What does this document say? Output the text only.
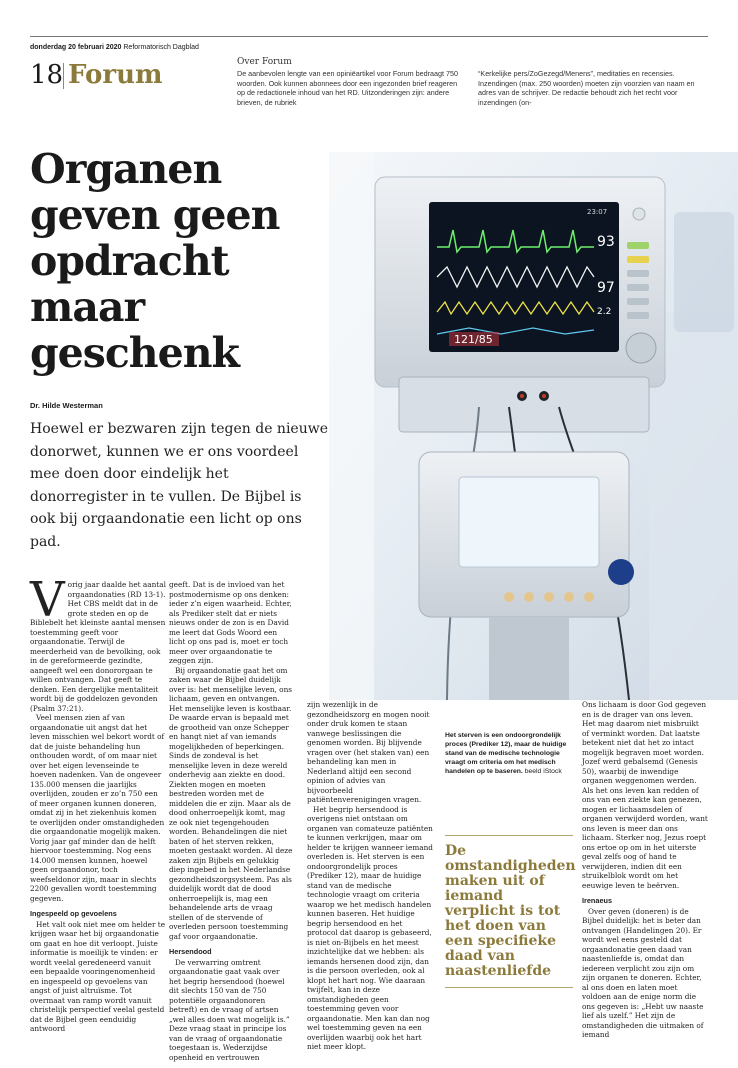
donderdag 20 februari 2020 Reformatorisch Dagblad
18 Forum	Over Forum
De aanbevolen lengte van een opiniëartikel voor Forum bedraagt 750 woorden. Ook kunnen abonnees door een ingezonden brief reageren op de redactionele inhoud van het RD. Uitzonderingen zijn: andere brieven, de rubriek
“Kerkelijke pers/ZoGezegd/Menens”, meditaties en recensies. Inzendingen (max. 250 woorden) moeten zijn voorzien van naam en adres van de schrijver. De redactie behoudt zich het recht voor inzendingen (on-
Organen geven geen opdracht maar geschenk
Dr. Hilde Westerman
Hoewel er bezwaren zijn tegen de nieuwe donorwet, kunnen we er ons voordeel mee doen door eindelijk het donorregister in te vullen. De Bijbel is ook bij orgaandonatie een licht op ons pad.
121/85
23:07
93
97
2.2

Vorig jaar daalde het aantal orgaandonaties (RD 13-1). Het CBS meldt dat in de grote steden en op de Biblebelt het kleinste aantal mensen toestemming geeft voor orgaandonatie. Terwijl de meerderheid van de bevolking, ook in de gereformeerde gezindte, aangeeft wel een donororgaan te willen ontvangen. Dat geeft te denken. Een dergelijke mentaliteit wordt bij de goddelozen gevonden (Psalm 37:21).

Veel mensen zien af van orgaandonatie uit angst dat het leven misschien wel bekort wordt of dat de juiste behandeling hun onthouden wordt, of om maar niet over het eigen levenseinde te hoeven nadenken. Van de ongeveer 135.000 mensen die jaarlijks overlijden, zouden er zo’n 750 een of meer organen kunnen doneren, omdat zij in het ziekenhuis komen te overlijden onder omstandigheden die orgaandonatie mogelijk maken. Vorig jaar gaf minder dan de helft hiervoor toestemming. Nog eens 14.000 mensen kunnen, hoewel geen orgaandonor, toch weefseldonor zijn, maar in slechts 2200 gevallen wordt toestemming gegeven.

Ingespeeld op gevoelens

Het valt ook niet mee om helder te krijgen waar het bij orgaandonatie om gaat en hoe dit verloopt. Juiste informatie is moeilijk te vinden: er wordt veelal geredeneerd vanuit een bepaalde vooringenomenheid en ingespeeld op gevoelens van angst of juist altruïsme. Tot overmaat van ramp wordt vanuit christelijk perspectief veelal gesteld dat de Bijbel geen eenduidig antwoord

geeft. Dat is de invloed van het postmodernisme op ons denken: ieder z’n eigen waarheid. Echter, als Prediker stelt dat er niets nieuws onder de zon is en David me leert dat Gods Woord een licht op ons pad is, moet er toch meer over orgaandonatie te zeggen zijn.

Bij orgaandonatie gaat het om zaken waar de Bijbel duidelijk over is: het menselijke leven, ons lichaam, geven en ontvangen. Het menselijke leven is kostbaar. De waarde ervan is bepaald met de grootheid van onze Schepper en hangt niet af van iemands mogelijkheden of beperkingen. Sinds de zondeval is het menselijke leven in deze wereld onderhevig aan ziekte en dood. Ziekten mogen en moeten bestreden worden met de middelen die er zijn. Maar als de dood onherroepelijk komt, mag ze ook niet tegengehouden worden. Behandelingen die niet baten of het sterven rekken, moeten gestaakt worden. Al deze zaken zijn Bijbels en gelukkig diep ingebed in het Nederlandse gezondheidszorgsysteem. Pas als duidelijk wordt dat de dood onherroepelijk is, mag een behandelende arts de vraag stellen of de stervende of overleden persoon toestemming gaf voor orgaandonatie.

Hersendood

De verwarring omtrent orgaandonatie gaat vaak over het begrip hersendood (hoewel dit slechts 150 van de 750 potentiële orgaandonoren betreft) en de vraag of artsen „wel alles doen wat mogelijk is.” Deze vraag staat in principe los van de vraag of orgaandonatie toegestaan is. Wederzijdse openheid en vertrouwen

zijn wezenlijk in de gezondheidszorg en mogen nooit onder druk komen te staan vanwege beslissingen die genomen worden. Bij blijvende vragen over (het staken van) een behandeling kan men in Nederland altijd een second opinion of advies van bijvoorbeeld patiëntenverenigingen vragen.

Het begrip hersendood is overigens niet ontstaan om organen van comateuze patiënten te kunnen verkrijgen, maar om helder te krijgen wanneer iemand overleden is. Het sterven is een ondoorgrondelijk proces (Prediker 12), maar de huidige stand van de medische technologie vraagt om criteria waarop we het medisch handelen kunnen baseren. Het huidige begrip hersendood en het protocol dat daarop is gebaseerd, is niet on-Bijbels en het meest inzichtelijke dat we hebben: als iemands hersenen dood zijn, dan is die persoon overleden, ook al klopt het hart nog. Wie daaraan twijfelt, kan in deze omstandigheden geen toestemming geven voor orgaandonatie. Men kan dan nog wel toestemming geven na een overlijden waarbij ook het hart niet meer klopt.

Het sterven is een ondoorgrondelijk proces (Prediker 12), maar de huidige stand van de medische technologie vraagt om criteria om het medisch handelen op te baseren. beeld iStock
De omstandigheden maken uit of iemand verplicht is tot het doen van een specifieke daad van naastenliefde

Ons lichaam is door God gegeven en is de drager van ons leven. Het mag daarom niet misbruikt of verminkt worden. Dat laatste betekent niet dat het zo intact mogelijk begraven moet worden. Jozef werd gebalsemd (Genesis 50), waarbij de inwendige organen weggenomen werden. Als het ons leven kan redden of ons van een ziekte kan genezen, mogen er lichaamsdelen of organen verwijderd worden, want ons leven is meer dan ons lichaam. Sterker nog, Jezus roept ons ertoe op om in het uiterste geval zelfs oog of hand te verwijderen, indien dit een struikelblok wordt om het eeuwige leven te beërven.

Irenaeus

Over geven (doneren) is de Bijbel duidelijk: het is beter dan ontvangen (Handelingen 20). Er wordt wel eens gesteld dat orgaandonatie geen daad van naastenliefde is, omdat dan iedereen verplicht zou zijn om zijn organen te doneren. Echter, al ons doen en laten moet voldoen aan de enige norm die ons gegeven is: „Hebt uw naaste lief als uzelf.” Het zijn de omstandigheden die uitmaken of iemand
